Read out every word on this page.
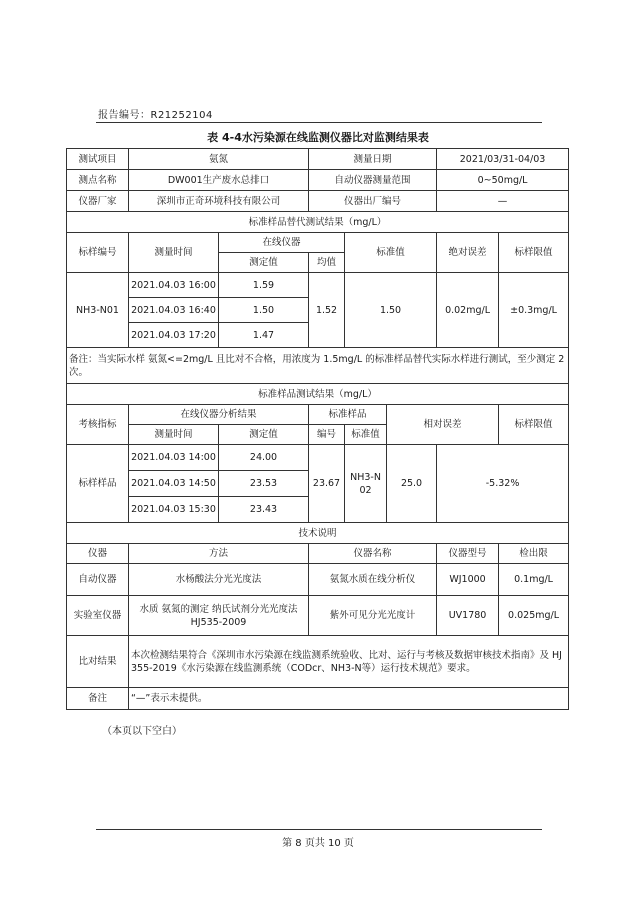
报告编号：R21252104
表 4-4水污染源在线监测仪器比对监测结果表
测试项目	氨氮		测量日期			2021/03/31-04/03	
测点名称	DW001生产废水总排口		自动仪器测量范围			0~50mg/L	
仪器厂家	深圳市正奇环境科技有限公司		仪器出厂编号			—	
标准样品替代测试结果（mg/L）							
标样编号	测量时间	在线仪器		标准值		绝对误差	标样限值
		测定值	均值				
NH3-N01	2021.04.03 16:00	1.59	1.52	1.50		0.02mg/L	±0.3mg/L
	2021.04.03 16:40	1.50					
	2021.04.03 17:20	1.47					
备注：当实际水样 氨氮<=2mg/L 且比对不合格，用浓度为 1.5mg/L 的标准样品替代实际水样进行测试，至少测定 2 次。							
标准样品测试结果（mg/L）							
考核指标	在线仪器分析结果		标准样品		相对误差		标样限值
	测量时间	测定值	编号	标准值			
标样样品	2021.04.03 14:00	24.00	23.67	NH3-N 02	25.0	-5.32%	
	2021.04.03 14:50	23.53					
	2021.04.03 15:30	23.43					
技术说明							
仪器	方法		仪器名称			仪器型号	检出限
自动仪器	水杨酸法分光光度法		氨氮水质在线分析仪			WJ1000	0.1mg/L
实验室仪器	水质 氨氮的测定 纳氏试剂分光光度法 HJ535-2009		紫外可见分光光度计			UV1780	0.025mg/L
比对结果	本次检测结果符合《深圳市水污染源在线监测系统验收、比对、运行与考核及数据审核技术指南》及 HJ 355-2019《水污染源在线监测系统（CODcr、NH3-N等）运行技术规范》要求。						
备注	“—”表示未提供。						
（本页以下空白）
第 8 页共 10 页
